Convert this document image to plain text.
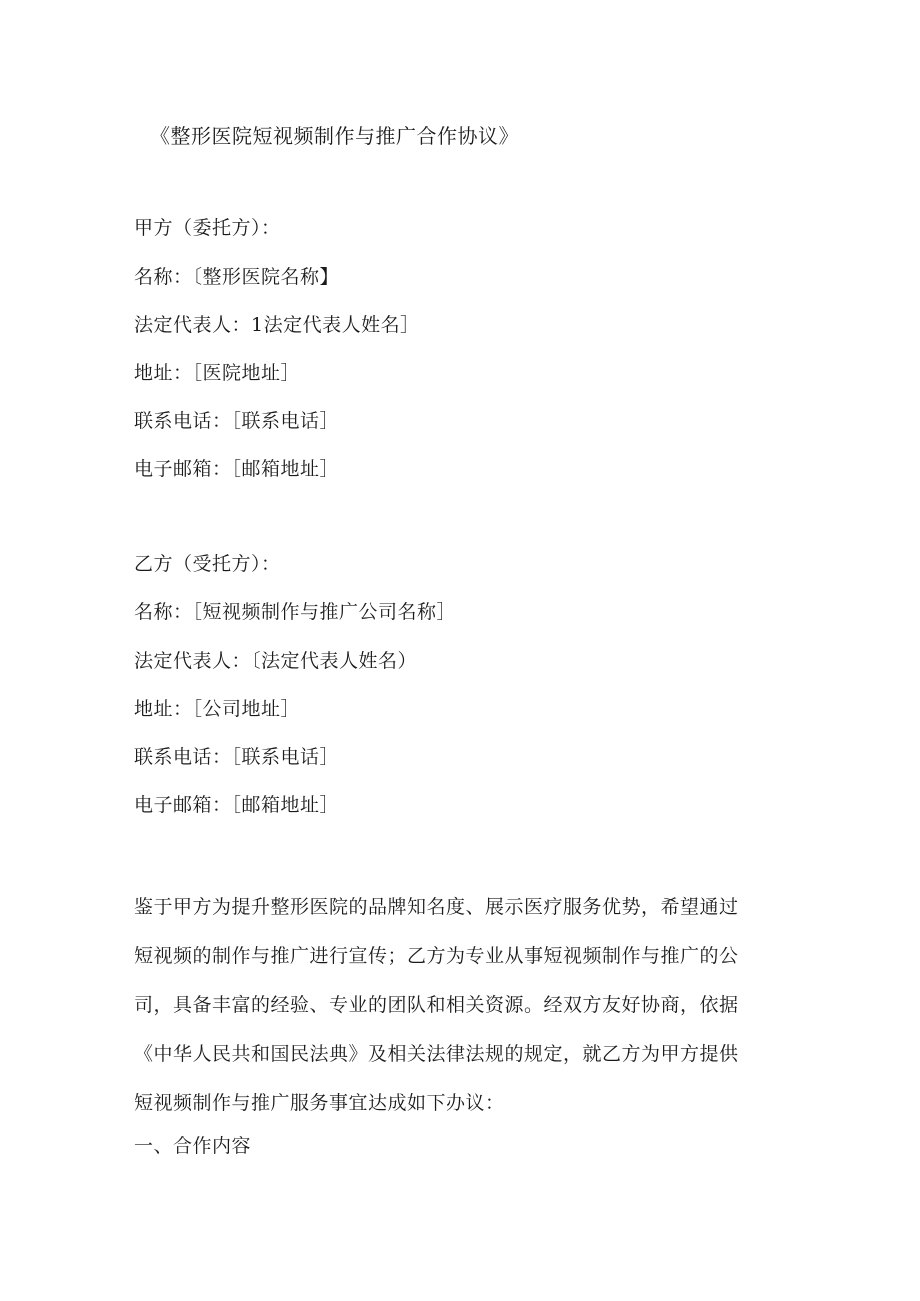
《整形医院短视频制作与推广合作协议》
甲方（委托方）：
名称：〔整形医院名称】
法定代表人：1法定代表人姓名］
地址：［医院地址］
联系电话：［联系电话］
电子邮箱：［邮箱地址］
乙方（受托方）：
名称：［短视频制作与推广公司名称］
法定代表人：〔法定代表人姓名）
地址：［公司地址］
联系电话：［联系电话］
电子邮箱：［邮箱地址］
鉴于甲方为提升整形医院的品牌知名度、展示医疗服务优势，希望通过
短视频的制作与推广进行宣传；乙方为专业从事短视频制作与推广的公
司，具备丰富的经验、专业的团队和相关资源。经双方友好协商，依据
《中华人民共和国民法典》及相关法律法规的规定，就乙方为甲方提供
短视频制作与推广服务事宜达成如下办议：
一、合作内容
